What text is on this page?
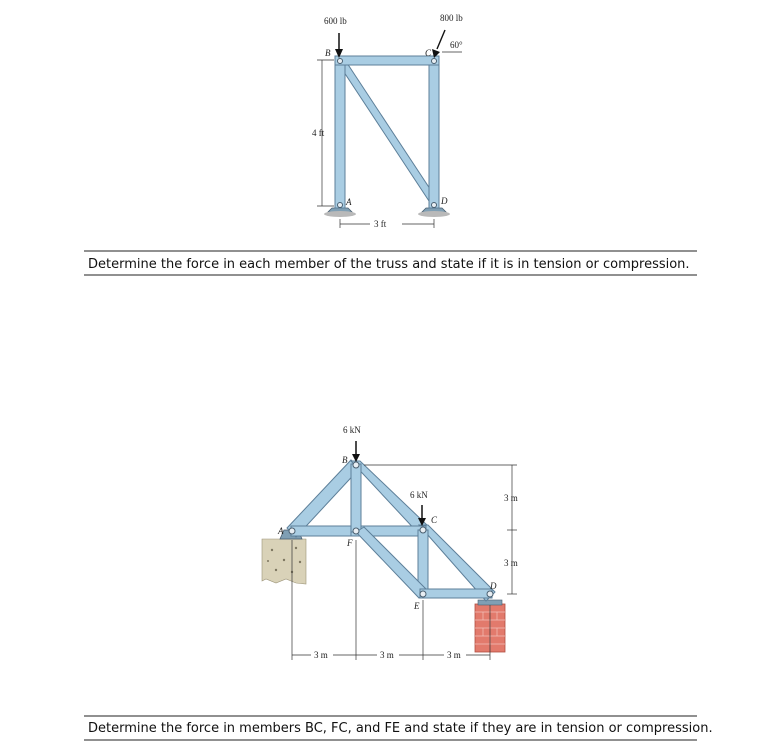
600 lb	800 lb
60°
B	C
A	D
4 ft
3 ft
Determine the force in each member of the truss and state if it is in tension or compression.
6 kN
6 kN
B
C
A
F
E
D
3 m
3 m
3 m	3 m	3 m
Determine the force in members BC, FC, and FE and state if they are in tension or compression.
